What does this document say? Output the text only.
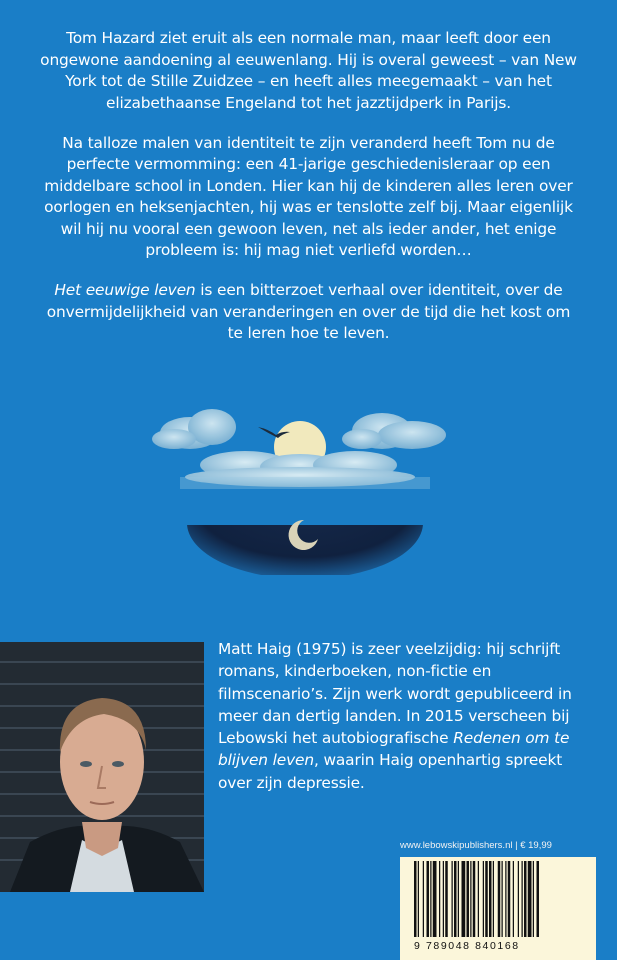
Tom Hazard ziet eruit als een normale man, maar leeft door een ongewone aandoening al eeuwenlang. Hij is overal geweest – van New York tot de Stille Zuidzee – en heeft alles meegemaakt – van het elizabethaanse Engeland tot het jazztijdperk in Parijs.

Na talloze malen van identiteit te zijn veranderd heeft Tom nu de perfecte vermomming: een 41-jarige geschiedenisleraar op een middelbare school in Londen. Hier kan hij de kinderen alles leren over oorlogen en heksenjachten, hij was er tenslotte zelf bij. Maar eigenlijk wil hij nu vooral een gewoon leven, net als ieder ander, het enige probleem is: hij mag niet verliefd worden…

Het eeuwige leven is een bitterzoet verhaal over identiteit, over de onvermijdelijkheid van veranderingen en over de tijd die het kost om te leren hoe te leven.

Matt Haig (1975) is zeer veelzijdig: hij schrijft romans, kinderboeken, non-fictie en filmscenario’s. Zijn werk wordt gepubliceerd in meer dan dertig landen. In 2015 verscheen bij Lebowski het autobiografische Redenen om te blijven leven, waarin Haig openhartig spreekt over zijn depressie.

www.lebowskipublishers.nl | € 19,99
9 789048 840168
